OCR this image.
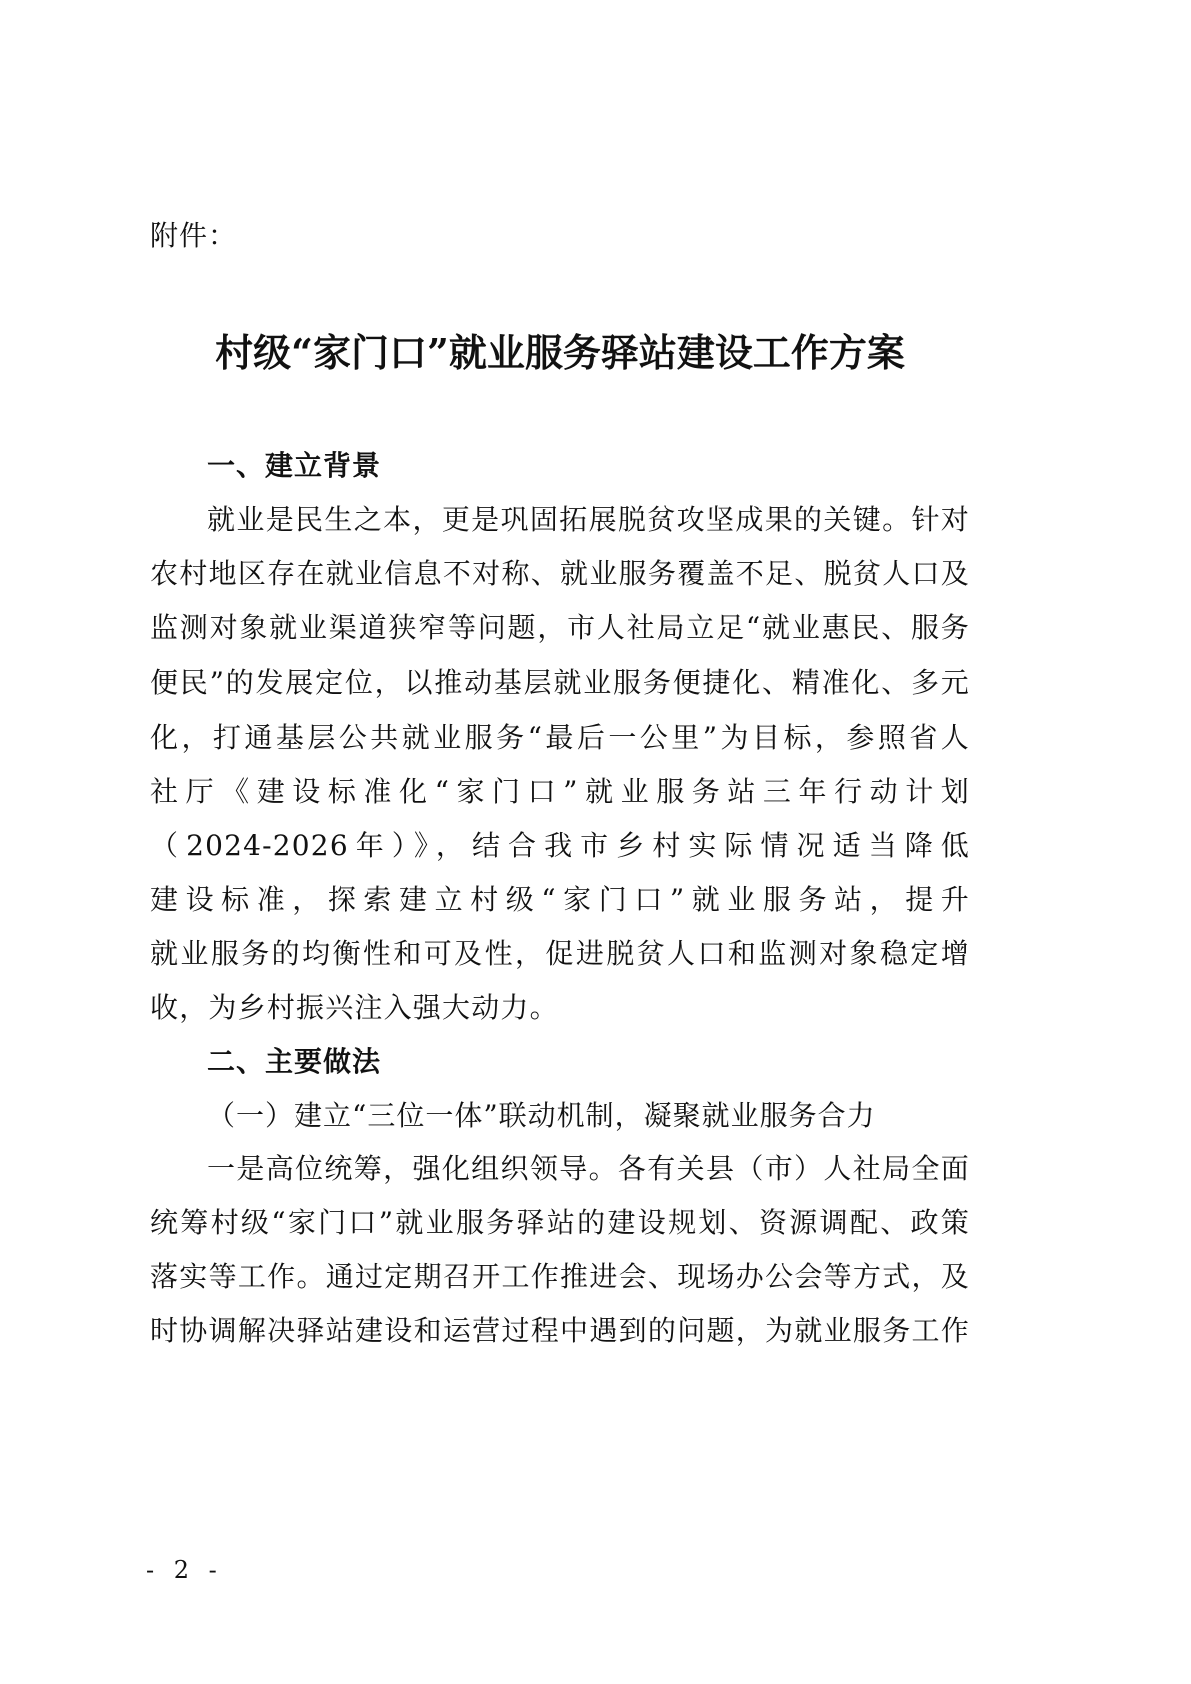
附件：
村级“家门口”就业服务驿站建设工作方案
一、建立背景
就业是民生之本，更是巩固拓展脱贫攻坚成果的关键。针对
农村地区存在就业信息不对称、就业服务覆盖不足、脱贫人口及
监测对象就业渠道狭窄等问题，市人社局立足“就业惠民、服务
便民”的发展定位，以推动基层就业服务便捷化、精准化、多元
化，打通基层公共就业服务“最后一公里”为目标，参照省人
社厅《建设标准化“家门口”就业服务站三年行动计划
（2024-2026年）》，结合我市乡村实际情况适当降低
建设标准，探索建立村级“家门口”就业服务站，提升
就业服务的均衡性和可及性，促进脱贫人口和监测对象稳定增
收，为乡村振兴注入强大动力。
二、主要做法
（一）建立“三位一体”联动机制，凝聚就业服务合力
一是高位统筹，强化组织领导。各有关县（市）人社局全面
统筹村级“家门口”就业服务驿站的建设规划、资源调配、政策
落实等工作。通过定期召开工作推进会、现场办公会等方式，及
时协调解决驿站建设和运营过程中遇到的问题，为就业服务工作
- 2 -
